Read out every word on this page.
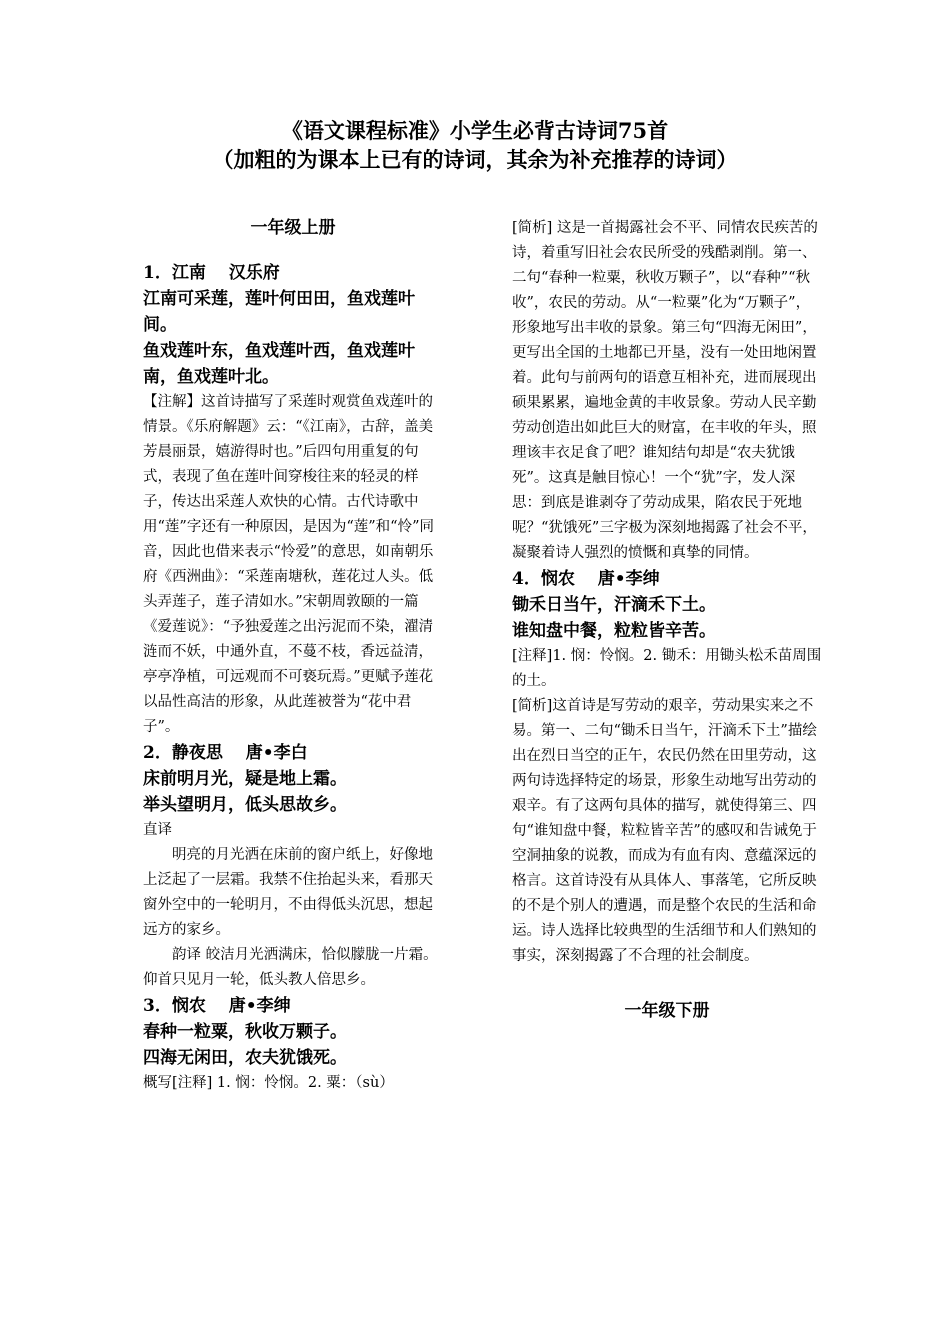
《语文课程标准》小学生必背古诗词75首
（加粗的为课本上已有的诗词，其余为补充推荐的诗词）

一年级上册

1．江南 　汉乐府

江南可采莲，莲叶何田田，鱼戏莲叶间。

鱼戏莲叶东，鱼戏莲叶西，鱼戏莲叶南，鱼戏莲叶北。

【注解】这首诗描写了采莲时观赏鱼戏莲叶的情景。《乐府解题》云：“《江南》，古辞，盖美芳晨丽景，嬉游得时也。”后四句用重复的句式，表现了鱼在莲叶间穿梭往来的轻灵的样子，传达出采莲人欢快的心情。古代诗歌中用“莲”字还有一种原因，是因为“莲”和“怜”同音，因此也借来表示“怜爱”的意思，如南朝乐府《西洲曲》：“采莲南塘秋，莲花过人头。低头弄莲子，莲子清如水。”宋朝周敦颐的一篇《爱莲说》：“予独爱莲之出污泥而不染，濯清涟而不妖，中通外直，不蔓不枝，香远益清，亭亭净植，可远观而不可亵玩焉。”更赋予莲花以品性高洁的形象，从此莲被誉为“花中君子”。

2．静夜思 　唐•李白

床前明月光，疑是地上霜。

举头望明月，低头思故乡。

直译

明亮的月光洒在床前的窗户纸上，好像地上泛起了一层霜。我禁不住抬起头来，看那天窗外空中的一轮明月，不由得低头沉思，想起远方的家乡。

韵译 皎洁月光洒满床，恰似朦胧一片霜。仰首只见月一轮，低头教人倍思乡。

3．悯农 　唐•李绅

春种一粒粟，秋收万颗子。

四海无闲田，农夫犹饿死。

概写[注释] 1. 悯：怜悯。2. 粟：（sù）

[简析] 这是一首揭露社会不平、同情农民疾苦的诗，着重写旧社会农民所受的残酷剥削。第一、二句“春种一粒粟，秋收万颗子”，以“春种”“秋收”，农民的劳动。从“一粒粟”化为“万颗子”，形象地写出丰收的景象。第三句“四海无闲田”，更写出全国的土地都已开垦，没有一处田地闲置着。此句与前两句的语意互相补充，进而展现出硕果累累，遍地金黄的丰收景象。劳动人民辛勤劳动创造出如此巨大的财富，在丰收的年头，照理该丰衣足食了吧？谁知结句却是“农夫犹饿死”。这真是触目惊心！一个“犹”字，发人深思：到底是谁剥夺了劳动成果，陷农民于死地呢？“犹饿死”三字极为深刻地揭露了社会不平，凝聚着诗人强烈的愤慨和真挚的同情。

4．悯农 　唐•李绅

锄禾日当午，汗滴禾下土。

谁知盘中餐，粒粒皆辛苦。

[注释]1. 悯：怜悯。2. 锄禾：用锄头松禾苗周围的土。

[简析]这首诗是写劳动的艰辛，劳动果实来之不易。第一、二句“锄禾日当午，汗滴禾下土”描绘出在烈日当空的正午，农民仍然在田里劳动，这两句诗选择特定的场景，形象生动地写出劳动的艰辛。有了这两句具体的描写，就使得第三、四句“谁知盘中餐，粒粒皆辛苦”的感叹和告诫免于空洞抽象的说教，而成为有血有肉、意蕴深远的格言。这首诗没有从具体人、事落笔，它所反映的不是个别人的遭遇，而是整个农民的生活和命运。诗人选择比较典型的生活细节和人们熟知的事实，深刻揭露了不合理的社会制度。

一年级下册
